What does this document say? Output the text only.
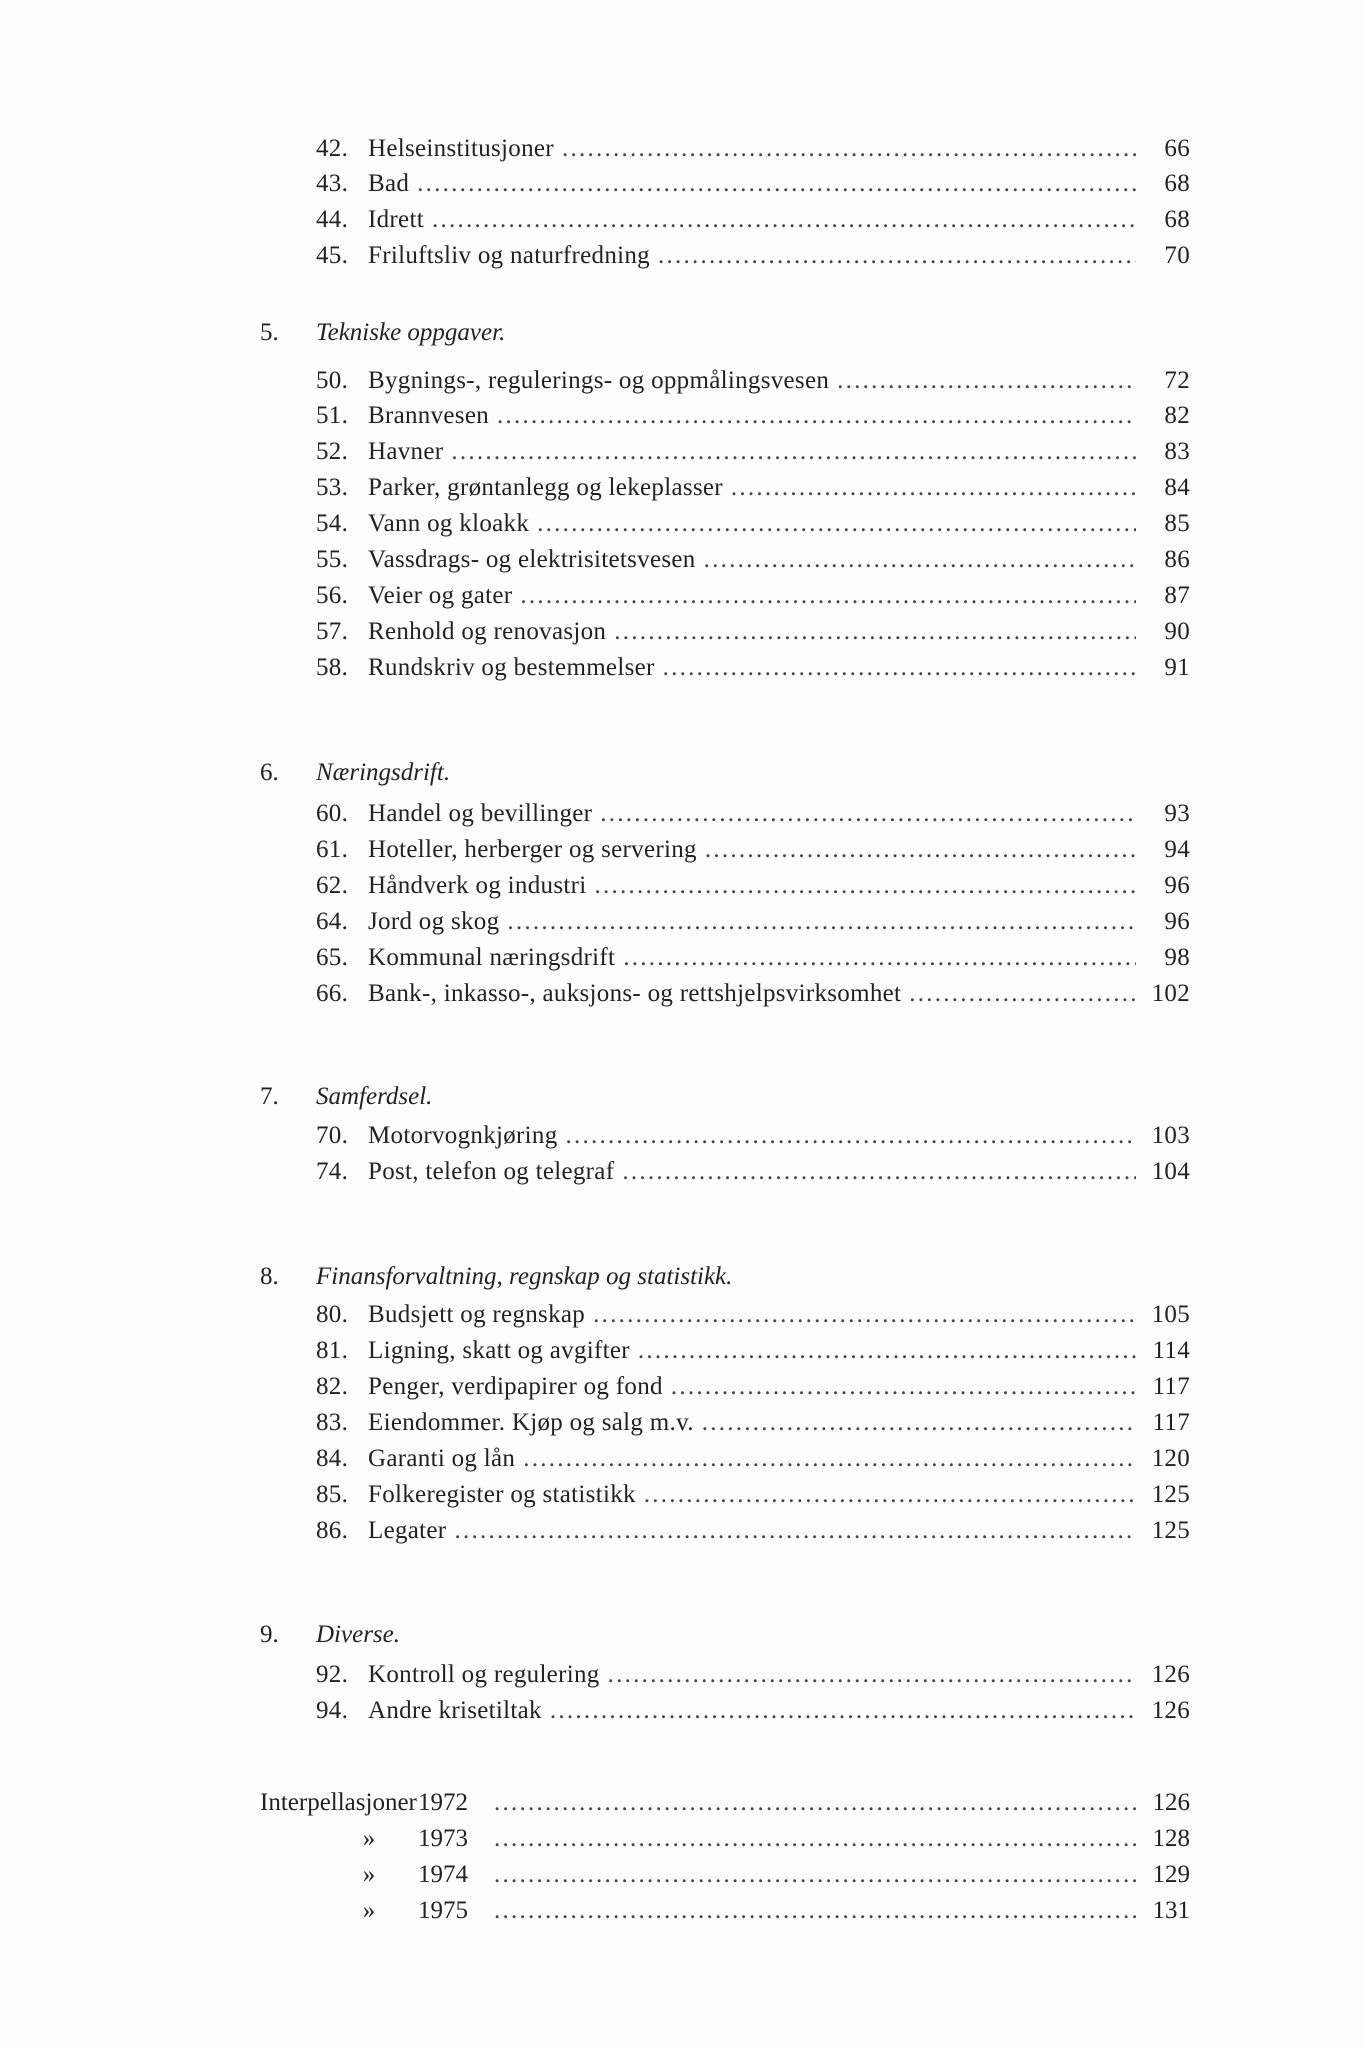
42. Helseinstitusjoner . . .	66
43. Bad . . .	68
44. Idrett . . .	68
45. Friluftsliv og naturfredning . . .	70
5.	Tekniske oppgaver.
50. Bygnings-, regulerings- og oppmålingsvesen . . .	72
51. Brannvesen . . .	82
52. Havner . . .	83
53. Parker, grøntanlegg og lekeplasser . . .	84
54. Vann og kloakk . . .	85
55. Vassdrags- og elektrisitetsvesen . . .	86
56. Veier og gater . . .	87
57. Renhold og renovasjon . . .	90
58. Rundskriv og bestemmelser . . .	91
6.	Næringsdrift.
60. Handel og bevillinger . . .	93
61. Hoteller, herberger og servering . . .	94
62. Håndverk og industri . . .	96
64. Jord og skog . . .	96
65. Kommunal næringsdrift . . .	98
66. Bank-, inkasso-, auksjons- og rettshjelpsvirksomhet . . .	102
7.	Samferdsel.
70. Motorvognkjøring . . .	103
74. Post, telefon og telegraf . . .	104
8.	Finansforvaltning, regnskap og statistikk.
80. Budsjett og regnskap . . .	105
81. Ligning, skatt og avgifter . . .	114
82. Penger, verdipapirer og fond . . .	117
83. Eiendommer. Kjøp og salg m.v. . . .	117
84. Garanti og lån . . .	120
85. Folkeregister og statistikk . . .	125
86. Legater . . .	125
9.	Diverse.
92. Kontroll og regulering . . .	126
94. Andre krisetiltak . . .	126
Interpellasjoner 1972 . . .	126
»	1973 . . .	128
»	1974 . . .	129
»	1975 . . .	131
